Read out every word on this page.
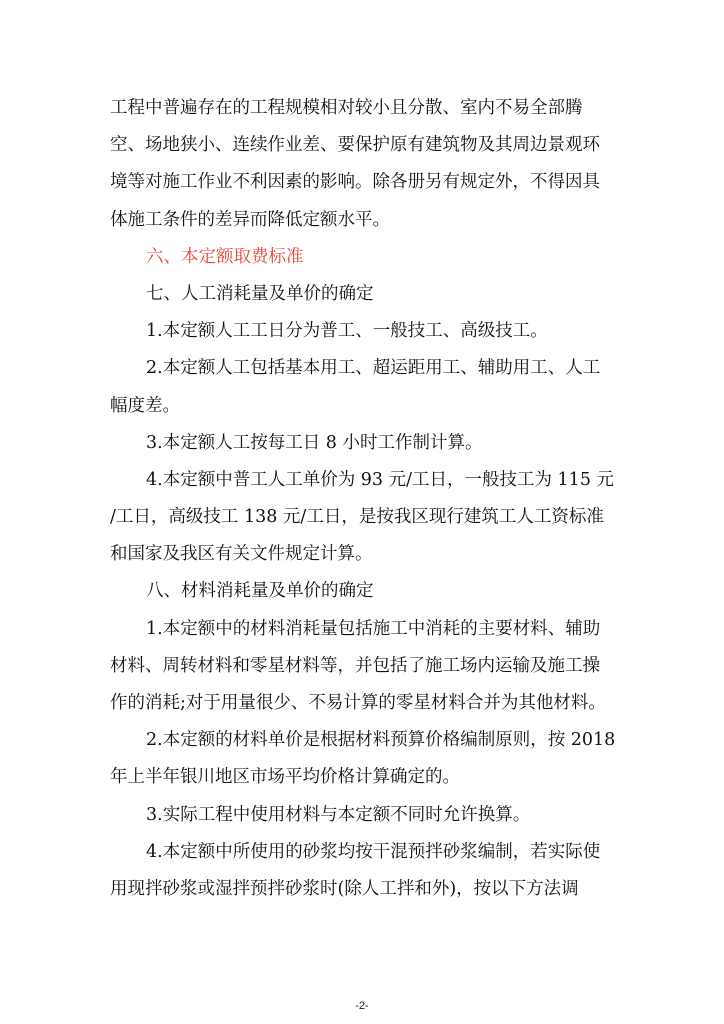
工程中普遍存在的工程规模相对较小且分散、室内不易全部腾
空、场地狭小、连续作业差、要保护原有建筑物及其周边景观环
境等对施工作业不利因素的影响。除各册另有规定外，不得因具
体施工条件的差异而降低定额水平。
六、本定额取费标准
七、人工消耗量及单价的确定
1.本定额人工工日分为普工、一般技工、高级技工。
2.本定额人工包括基本用工、超运距用工、辅助用工、人工
幅度差。
3.本定额人工按每工日 8 小时工作制计算。
4.本定额中普工人工单价为 93 元/工日，一般技工为 115 元
/工日，高级技工 138 元/工日，是按我区现行建筑工人工资标准
和国家及我区有关文件规定计算。
八、材料消耗量及单价的确定
1.本定额中的材料消耗量包括施工中消耗的主要材料、辅助
材料、周转材料和零星材料等，并包括了施工场内运输及施工操
作的消耗;对于用量很少、不易计算的零星材料合并为其他材料。
2.本定额的材料单价是根据材料预算价格编制原则，按 2018
年上半年银川地区市场平均价格计算确定的。
3.实际工程中使用材料与本定额不同时允许换算。
4.本定额中所使用的砂浆均按干混预拌砂浆编制，若实际使
用现拌砂浆或湿拌预拌砂浆时(除人工拌和外)，按以下方法调
-2-
